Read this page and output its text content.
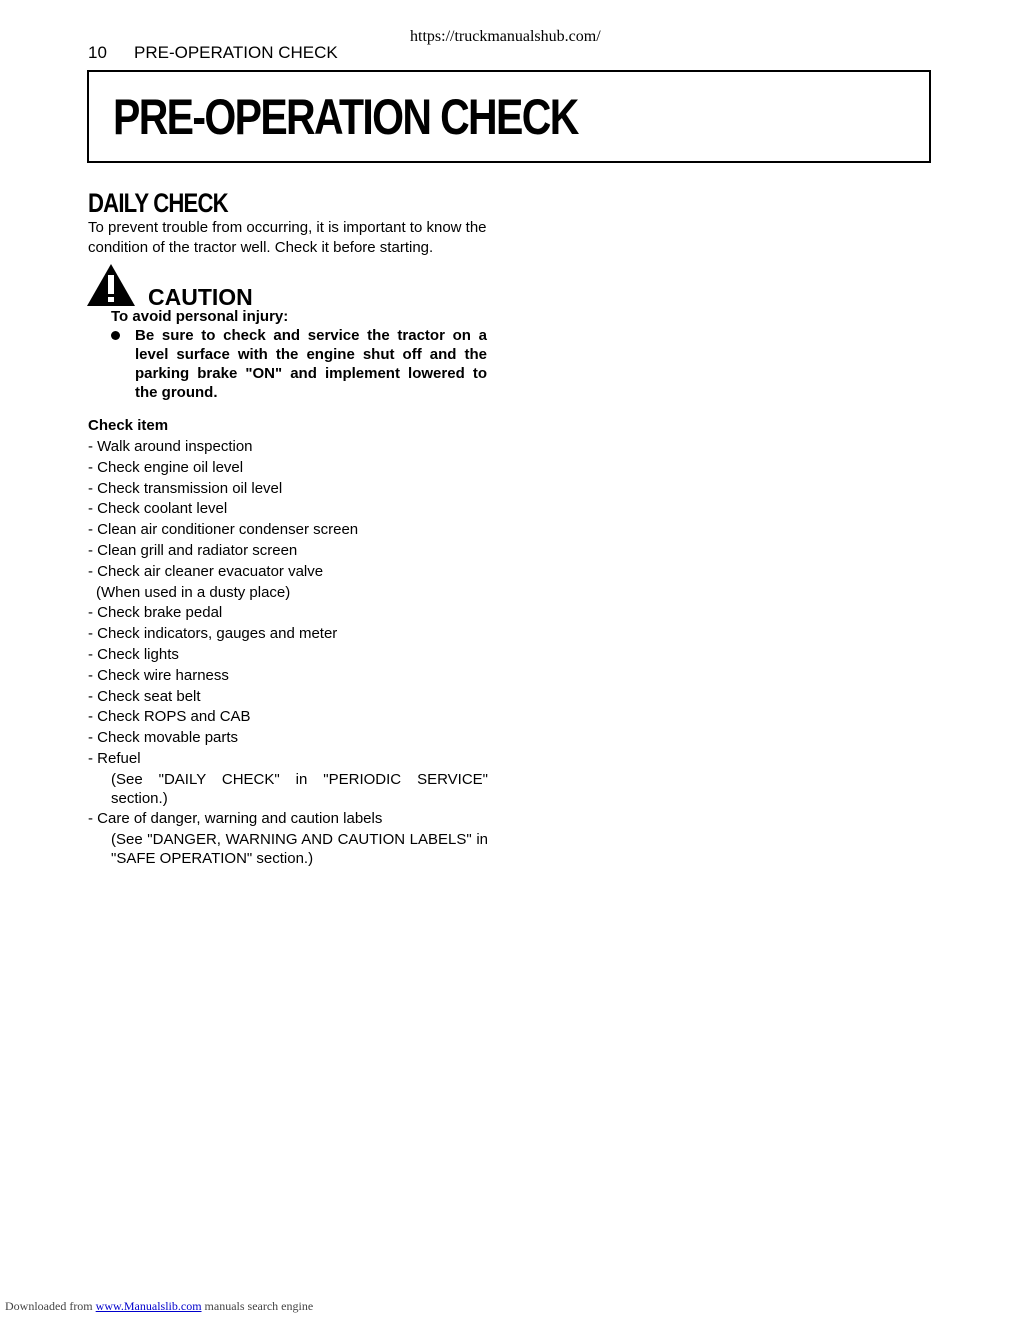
https://truckmanualshub.com/
10 PRE-OPERATION CHECK
PRE-OPERATION CHECK
DAILY CHECK
To prevent trouble from occurring, it is important to know the condition of the tractor well. Check it before starting.
CAUTION
To avoid personal injury:
Be sure to check and service the tractor on a level surface with the engine shut off and the parking brake "ON" and implement lowered to the ground.
Check item
- Walk around inspection
- Check engine oil level
- Check transmission oil level
- Check coolant level
- Clean air conditioner condenser screen
- Clean grill and radiator screen
- Check air cleaner evacuator valve
(When used in a dusty place)
- Check brake pedal
- Check indicators, gauges and meter
- Check lights
- Check wire harness
- Check seat belt
- Check ROPS and CAB
- Check movable parts
- Refuel
(See "DAILY CHECK" in "PERIODIC SERVICE" section.)
- Care of danger, warning and caution labels
(See "DANGER, WARNING AND CAUTION LABELS" in "SAFE OPERATION" section.)
Downloaded from www.Manualslib.com manuals search engine
